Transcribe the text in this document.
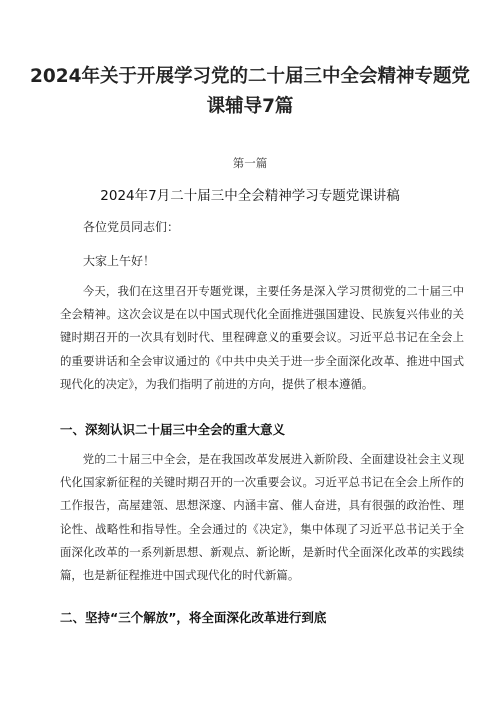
2024年关于开展学习党的二十届三中全会精神专题党课辅导7篇
第一篇
2024年7月二十届三中全会精神学习专题党课讲稿
各位党员同志们：
大家上午好！

今天，我们在这里召开专题党课，主要任务是深入学习贯彻党的二十届三中全会精神。这次会议是在以中国式现代化全面推进强国建设、民族复兴伟业的关键时期召开的一次具有划时代、里程碑意义的重要会议。习近平总书记在全会上的重要讲话和全会审议通过的《中共中央关于进一步全面深化改革、推进中国式现代化的决定》，为我们指明了前进的方向，提供了根本遵循。

一、深刻认识二十届三中全会的重大意义

党的二十届三中全会，是在我国改革发展进入新阶段、全面建设社会主义现代化国家新征程的关键时期召开的一次重要会议。习近平总书记在全会上所作的工作报告，高屋建瓴、思想深邃、内涵丰富、催人奋进，具有很强的政治性、理论性、战略性和指导性。全会通过的《决定》，集中体现了习近平总书记关于全面深化改革的一系列新思想、新观点、新论断，是新时代全面深化改革的实践续篇，也是新征程推进中国式现代化的时代新篇。

二、坚持“三个解放”，将全面深化改革进行到底
